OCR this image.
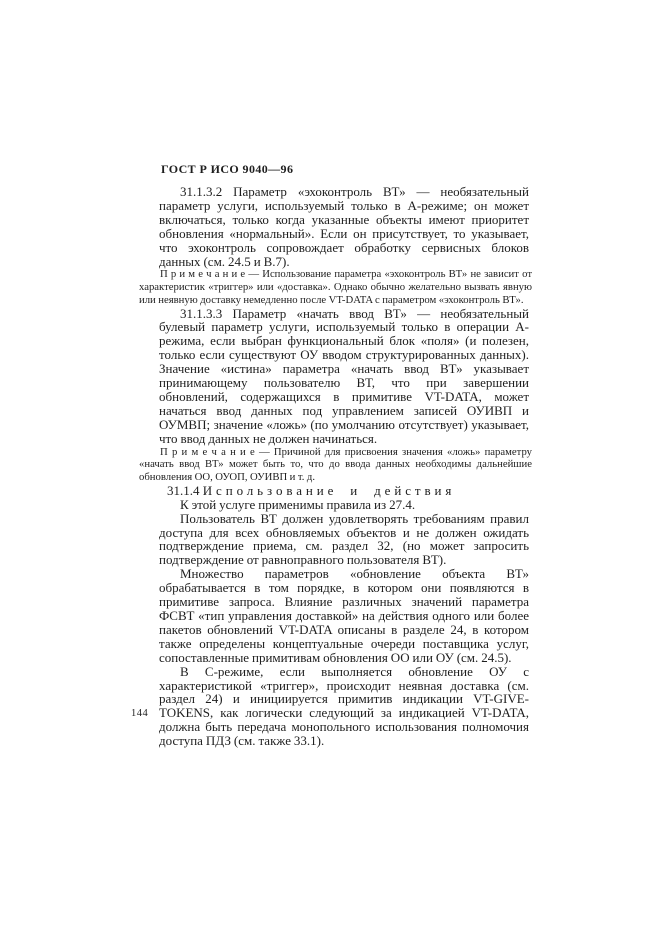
ГОСТ Р ИСО 9040—96

31.1.3.2 Параметр «эхоконтроль ВТ» — необязательный параметр услуги, используемый только в А-режиме; он может включаться, только когда указанные объекты имеют приоритет обновления «нормальный». Если он присутствует, то указывает, что эхоконтроль сопровождает обработку сервисных блоков данных (см. 24.5 и В.7).

П р и м е ч а н и е — Использование параметра «эхоконтроль ВТ» не зависит от характеристик «триггер» или «доставка». Однако обычно желательно вызвать явную или неявную доставку немедленно после VT-DATA с параметром «эхоконтроль ВТ».

31.1.3.3 Параметр «начать ввод ВТ» — необязательный булевый параметр услуги, используемый только в операции А-режима, если выбран функциональный блок «поля» (и полезен, только если существуют ОУ вводом структурированных данных). Значение «истина» параметра «начать ввод ВТ» указывает принимающему пользователю ВТ, что при завершении обновлений, содержащихся в примитиве VT-DATA, может начаться ввод данных под управлением записей ОУИВП и ОУМВП; значение «ложь» (по умолчанию отсутствует) указывает, что ввод данных не должен начинаться.

П р и м е ч а н и е — Причиной для присвоения значения «ложь» параметру «начать ввод ВТ» может быть то, что до ввода данных необходимы дальнейшие обновления ОО, ОУОП, ОУИВП и т. д.

31.1.4 Использование и действия

К этой услуге применимы правила из 27.4.

Пользователь ВТ должен удовлетворять требованиям правил доступа для всех обновляемых объектов и не должен ожидать подтверждение приема, см. раздел 32, (но может запросить подтверждение от равноправного пользователя ВТ).

Множество параметров «обновление объекта ВТ» обрабатывается в том порядке, в котором они появляются в примитиве запроса. Влияние различных значений параметра ФСВТ «тип управления доставкой» на действия одного или более пакетов обновлений VT-DATA описаны в разделе 24, в котором также определены концептуальные очереди поставщика услуг, сопоставленные примитивам обновления ОО или ОУ (см. 24.5).

В С-режиме, если выполняется обновление ОУ с характеристикой «триггер», происходит неявная доставка (см. раздел 24) и инициируется примитив индикации VT-GIVE-TOKENS, как логически следующий за индикацией VT-DATA, должна быть передача монопольного использования полномочия доступа ПДЗ (см. также 33.1).

144
